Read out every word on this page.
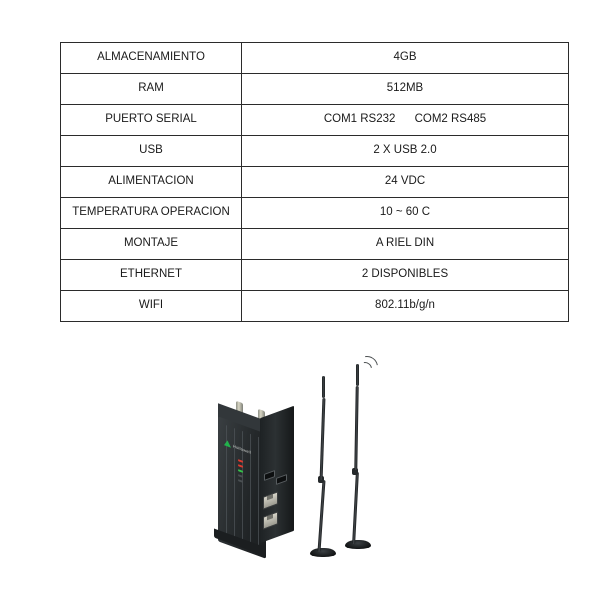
ALMACENAMIENTO	4GB
RAM	512MB
PUERTO SERIAL	COM1 RS232      COM2 RS485
USB	2 X USB 2.0
ALIMENTACION	24 VDC
TEMPERATURA OPERACION	10 ~ 60 C
MONTAJE	A RIEL DIN
ETHERNET	2 DISPONIBLES
WIFI	802.11b/g/n
Hollowell
